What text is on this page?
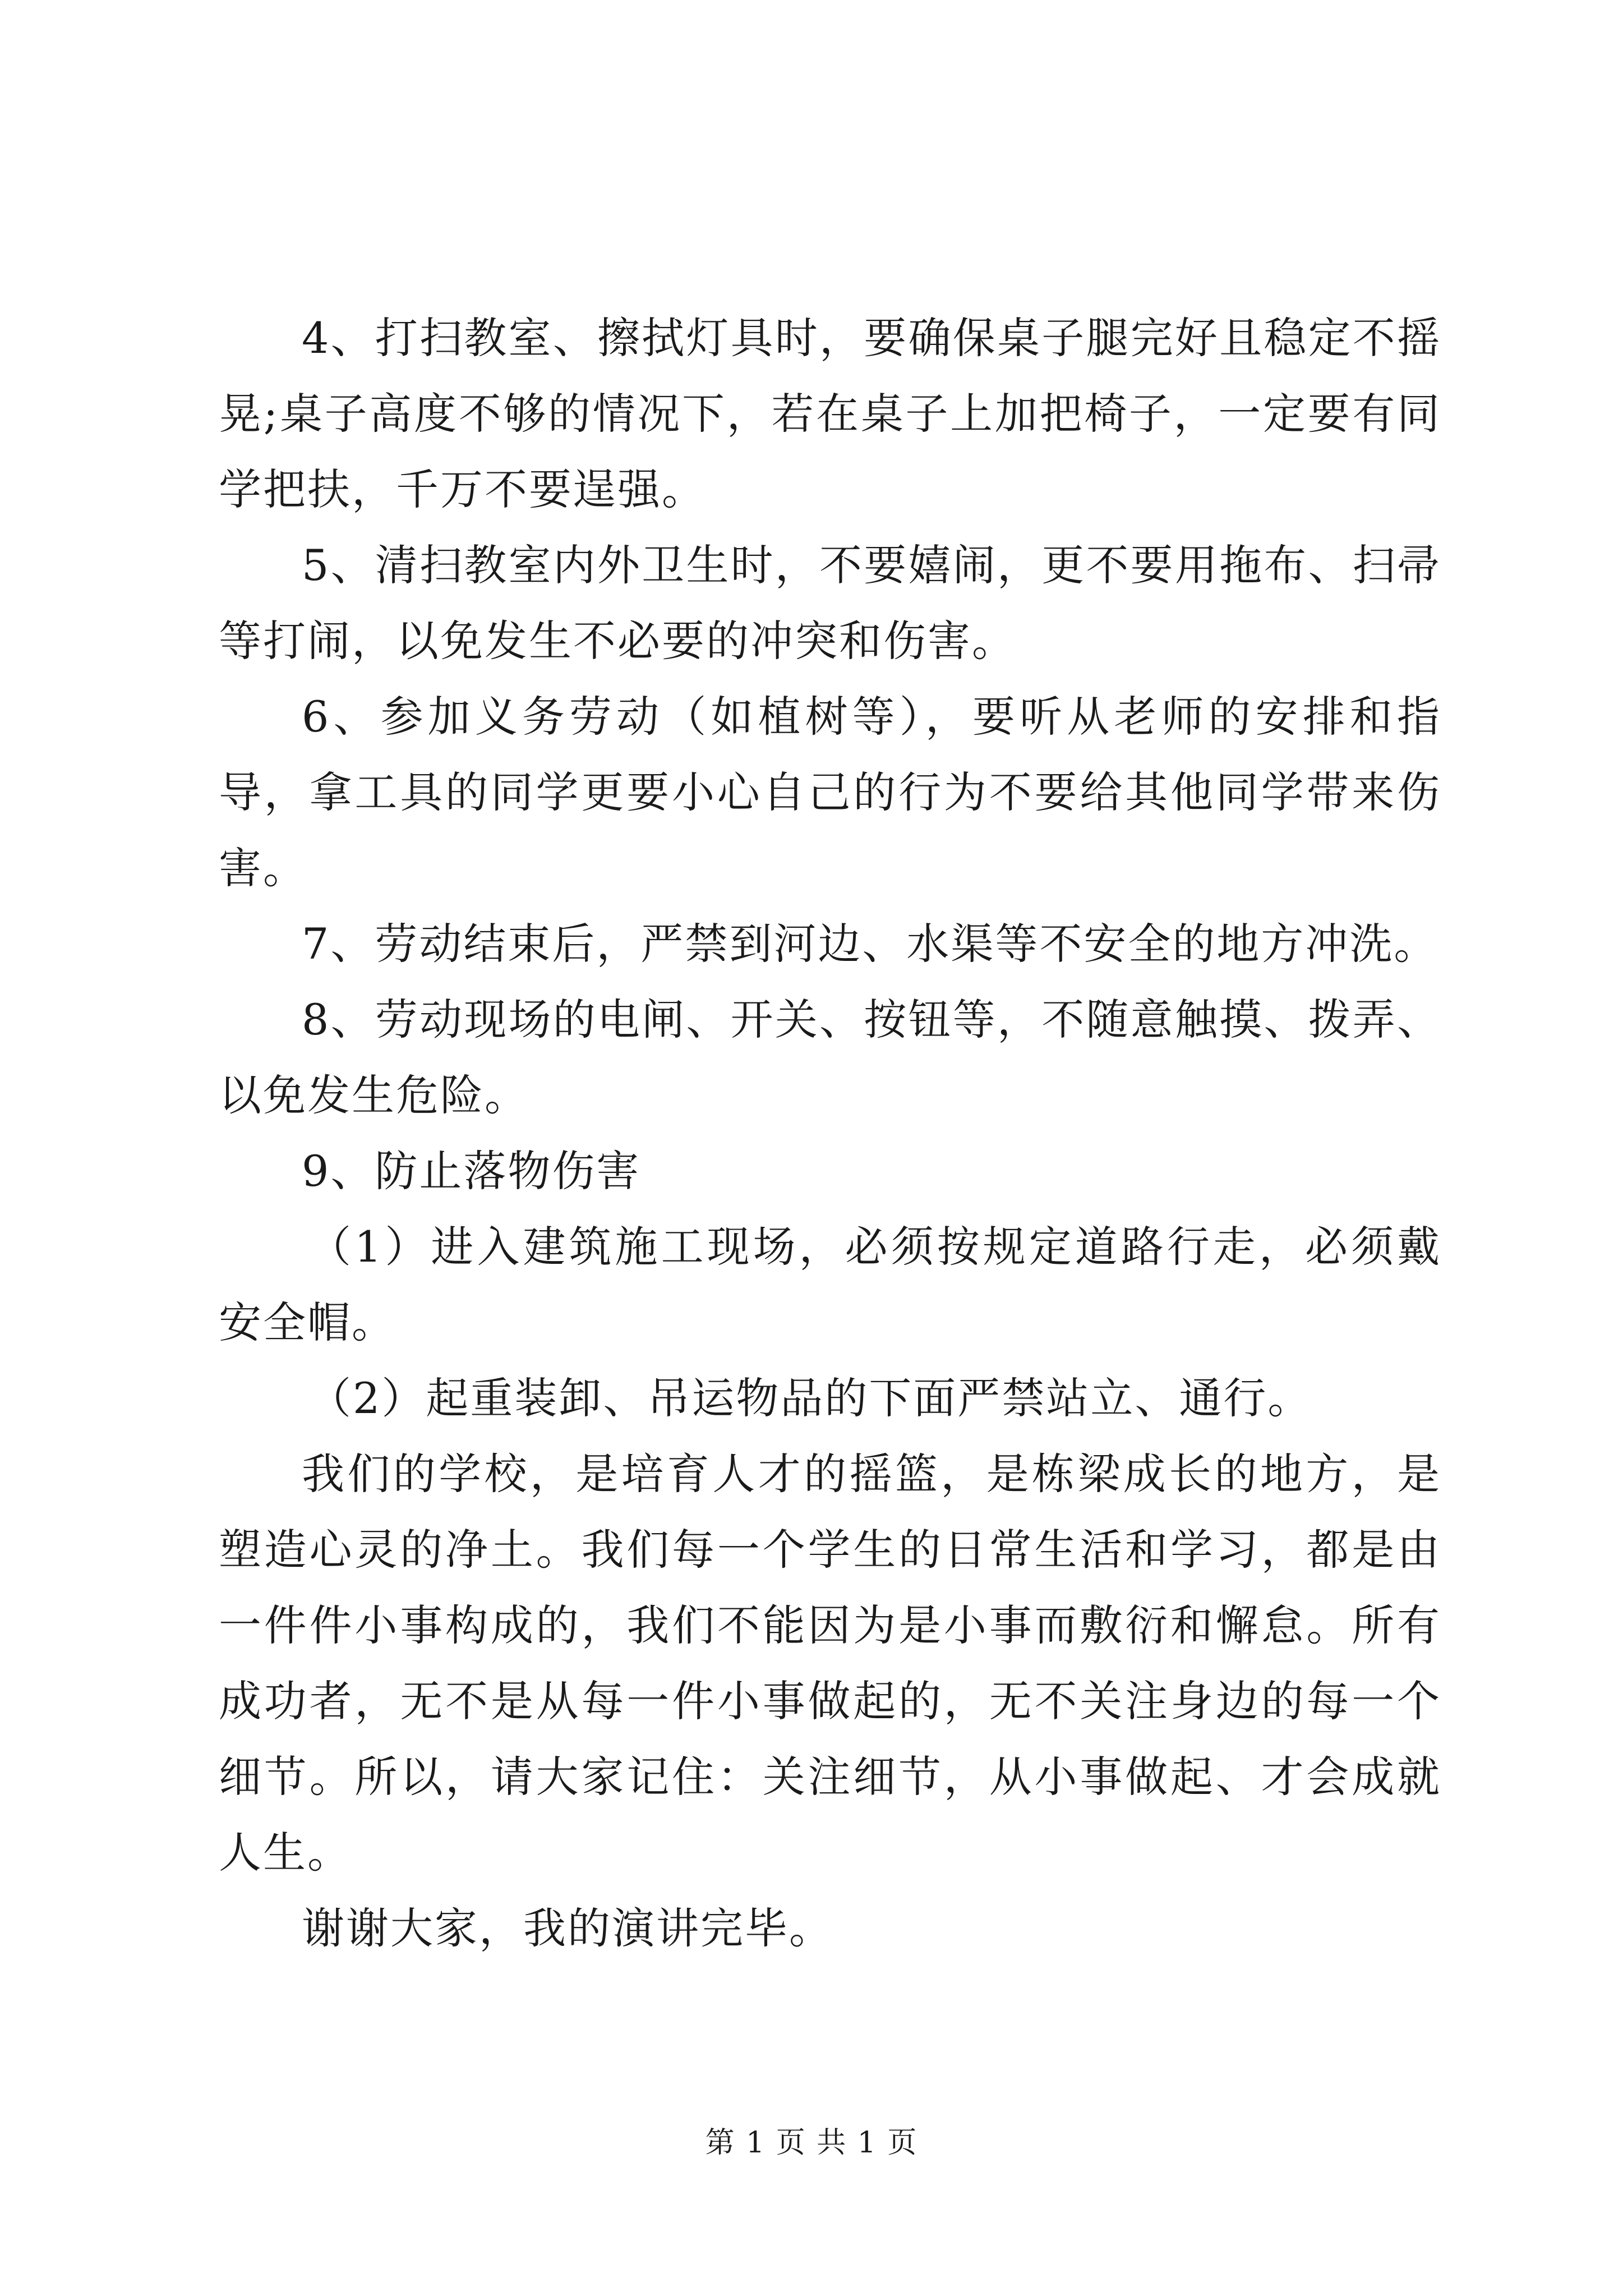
4、打扫教室、擦拭灯具时，要确保桌子腿完好且稳定不摇晃;桌子高度不够的情况下，若在桌子上加把椅子，一定要有同学把扶，千万不要逞强。

5、清扫教室内外卫生时，不要嬉闹，更不要用拖布、扫帚等打闹，以免发生不必要的冲突和伤害。

6、参加义务劳动（如植树等），要听从老师的安排和指导，拿工具的同学更要小心自己的行为不要给其他同学带来伤害。

7、劳动结束后，严禁到河边、水渠等不安全的地方冲洗。

8、劳动现场的电闸、开关、按钮等，不随意触摸、拨弄、以免发生危险。

9、防止落物伤害

（1）进入建筑施工现场，必须按规定道路行走，必须戴安全帽。

（2）起重装卸、吊运物品的下面严禁站立、通行。

我们的学校，是培育人才的摇篮，是栋梁成长的地方，是塑造心灵的净土。我们每一个学生的日常生活和学习，都是由一件件小事构成的，我们不能因为是小事而敷衍和懈怠。所有成功者，无不是从每一件小事做起的，无不关注身边的每一个细节。所以，请大家记住：关注细节，从小事做起、才会成就人生。

谢谢大家，我的演讲完毕。

第 1 页 共 1 页
